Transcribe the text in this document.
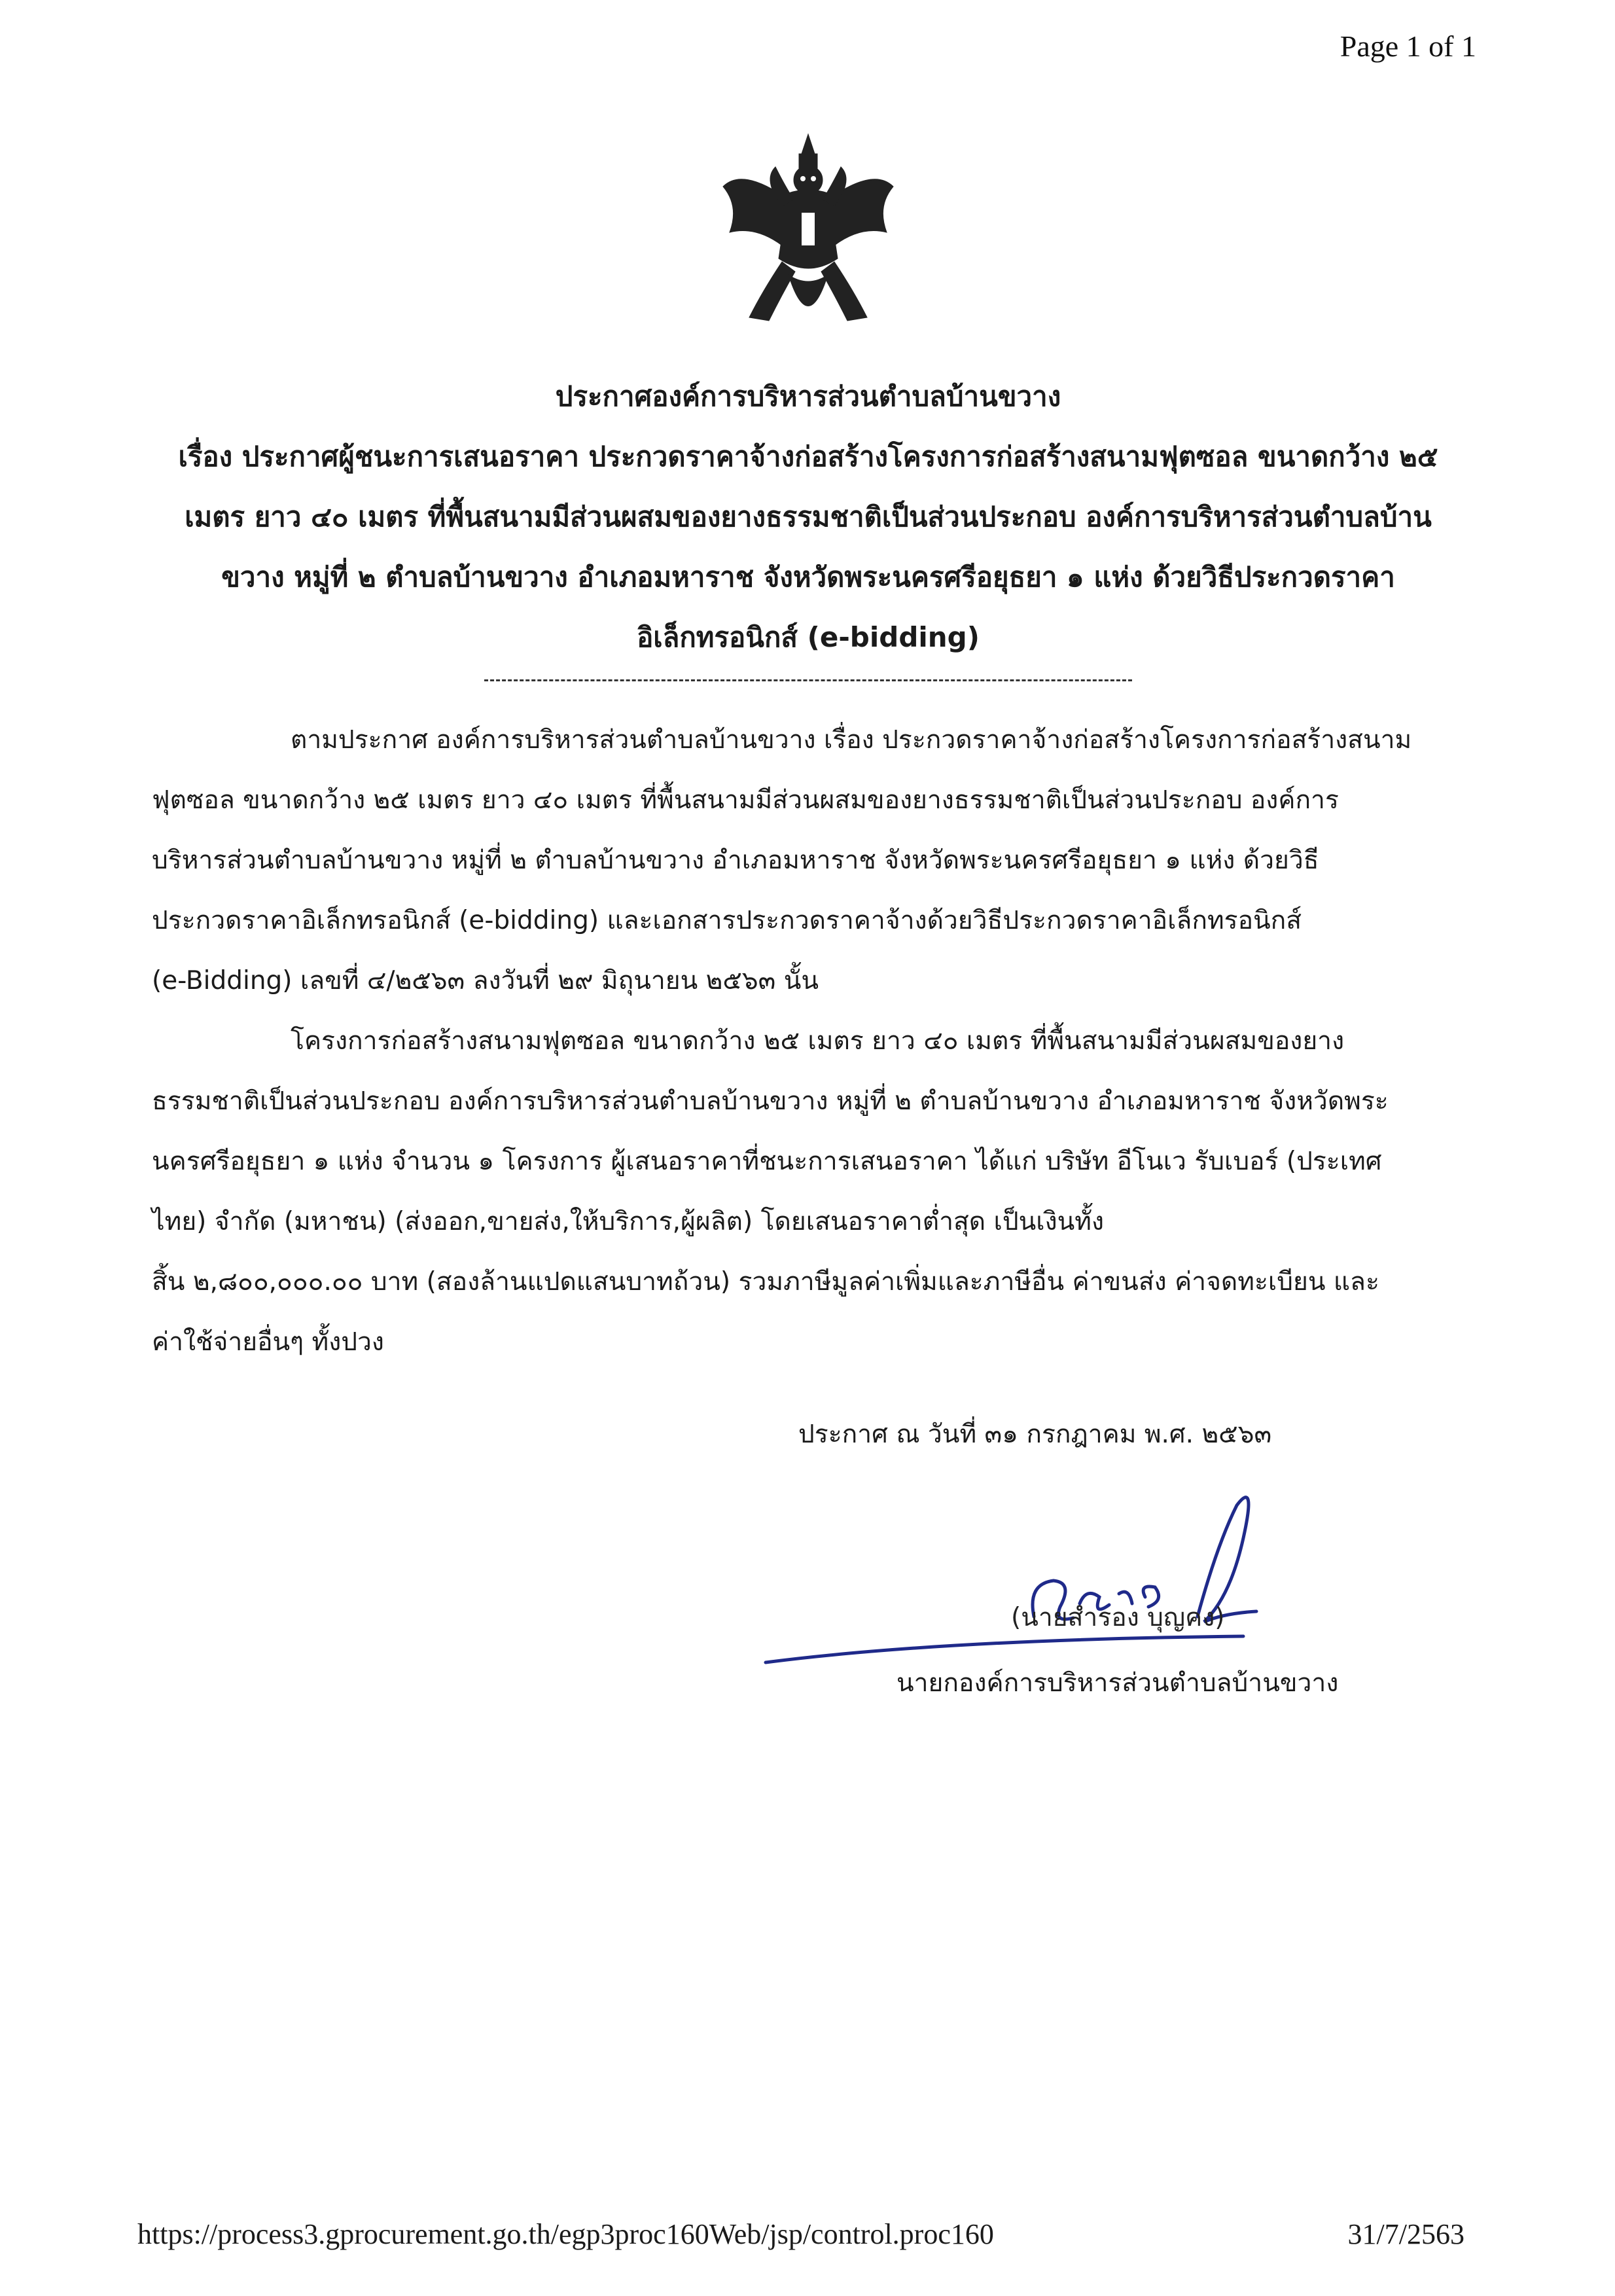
Page 1 of 1
ประกาศองค์การบริหารส่วนตำบลบ้านขวาง
เรื่อง ประกาศผู้ชนะการเสนอราคา ประกวดราคาจ้างก่อสร้างโครงการก่อสร้างสนามฟุตซอล ขนาดกว้าง ๒๕
เมตร ยาว ๔๐ เมตร ที่พื้นสนามมีส่วนผสมของยางธรรมชาติเป็นส่วนประกอบ องค์การบริหารส่วนตำบลบ้าน
ขวาง หมู่ที่ ๒ ตำบลบ้านขวาง อำเภอมหาราช จังหวัดพระนครศรีอยุธยา ๑ แห่ง ด้วยวิธีประกวดราคา
อิเล็กทรอนิกส์ (e-bidding)

ตามประกาศ องค์การบริหารส่วนตำบลบ้านขวาง เรื่อง ประกวดราคาจ้างก่อสร้างโครงการก่อสร้างสนาม
ฟุตซอล ขนาดกว้าง ๒๕ เมตร ยาว ๔๐ เมตร ที่พื้นสนามมีส่วนผสมของยางธรรมชาติเป็นส่วนประกอบ องค์การ
บริหารส่วนตำบลบ้านขวาง หมู่ที่ ๒ ตำบลบ้านขวาง อำเภอมหาราช จังหวัดพระนครศรีอยุธยา ๑ แห่ง ด้วยวิธี
ประกวดราคาอิเล็กทรอนิกส์ (e-bidding) และเอกสารประกวดราคาจ้างด้วยวิธีประกวดราคาอิเล็กทรอนิกส์
(e-Bidding) เลขที่ ๔/๒๕๖๓ ลงวันที่ ๒๙ มิถุนายน ๒๕๖๓ นั้น

โครงการก่อสร้างสนามฟุตซอล ขนาดกว้าง ๒๕ เมตร ยาว ๔๐ เมตร ที่พื้นสนามมีส่วนผสมของยาง
ธรรมชาติเป็นส่วนประกอบ องค์การบริหารส่วนตำบลบ้านขวาง หมู่ที่ ๒ ตำบลบ้านขวาง อำเภอมหาราช จังหวัดพระ
นครศรีอยุธยา ๑ แห่ง จำนวน ๑ โครงการ ผู้เสนอราคาที่ชนะการเสนอราคา ได้แก่ บริษัท อีโนเว รับเบอร์ (ประเทศ
ไทย) จำกัด (มหาชน) (ส่งออก,ขายส่ง,ให้บริการ,ผู้ผลิต) โดยเสนอราคาต่ำสุด เป็นเงินทั้ง
สิ้น ๒,๘๐๐,๐๐๐.๐๐ บาท (สองล้านแปดแสนบาทถ้วน) รวมภาษีมูลค่าเพิ่มและภาษีอื่น ค่าขนส่ง ค่าจดทะเบียน และ
ค่าใช้จ่ายอื่นๆ ทั้งปวง

ประกาศ ณ วันที่ ๓๑ กรกฎาคม พ.ศ. ๒๕๖๓
(นายสำรอง บุญคง)
นายกองค์การบริหารส่วนตำบลบ้านขวาง
https://process3.gprocurement.go.th/egp3proc160Web/jsp/control.proc160	31/7/2563
